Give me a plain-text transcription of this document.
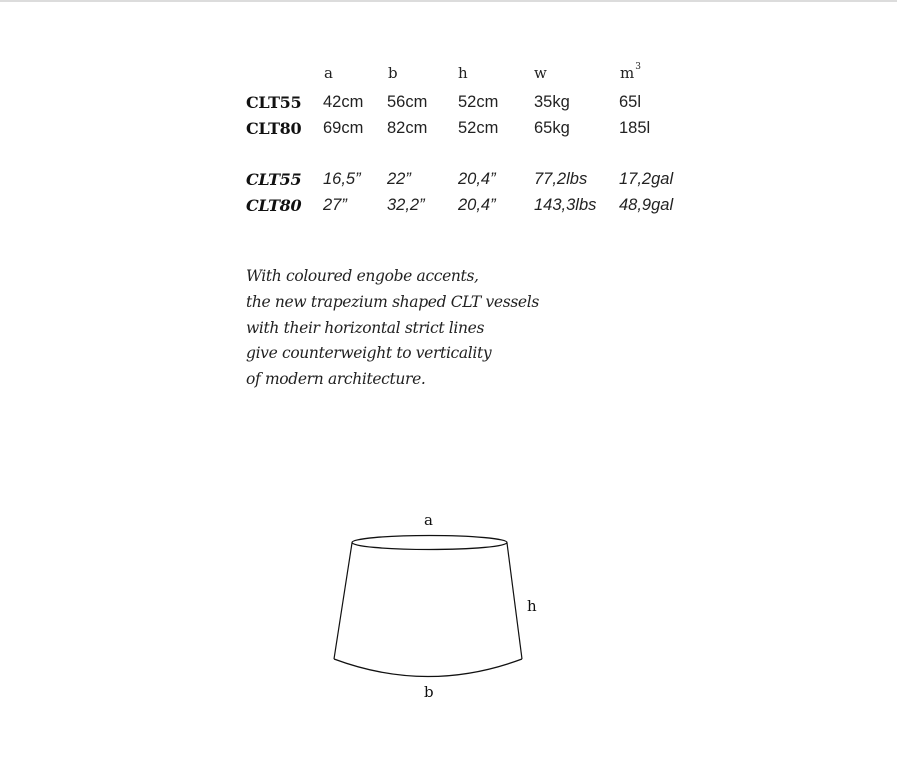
a	b	h	w	$m^3$
CLT55 42cm 56cm 52cm 35kg	65l
CLT80 69cm 82cm 52cm 65kg	185l
CLT55 16,5” 22”	20,4” 77,2lbs 17,2gal
CLT80 27” 32,2” 20,4” 143,3lbs 48,9gal
With coloured engobe accents,
the new trapezium shaped CLT vessels
with their horizontal strict lines
give counterweight to verticality
of modern architecture.
a
h
b
